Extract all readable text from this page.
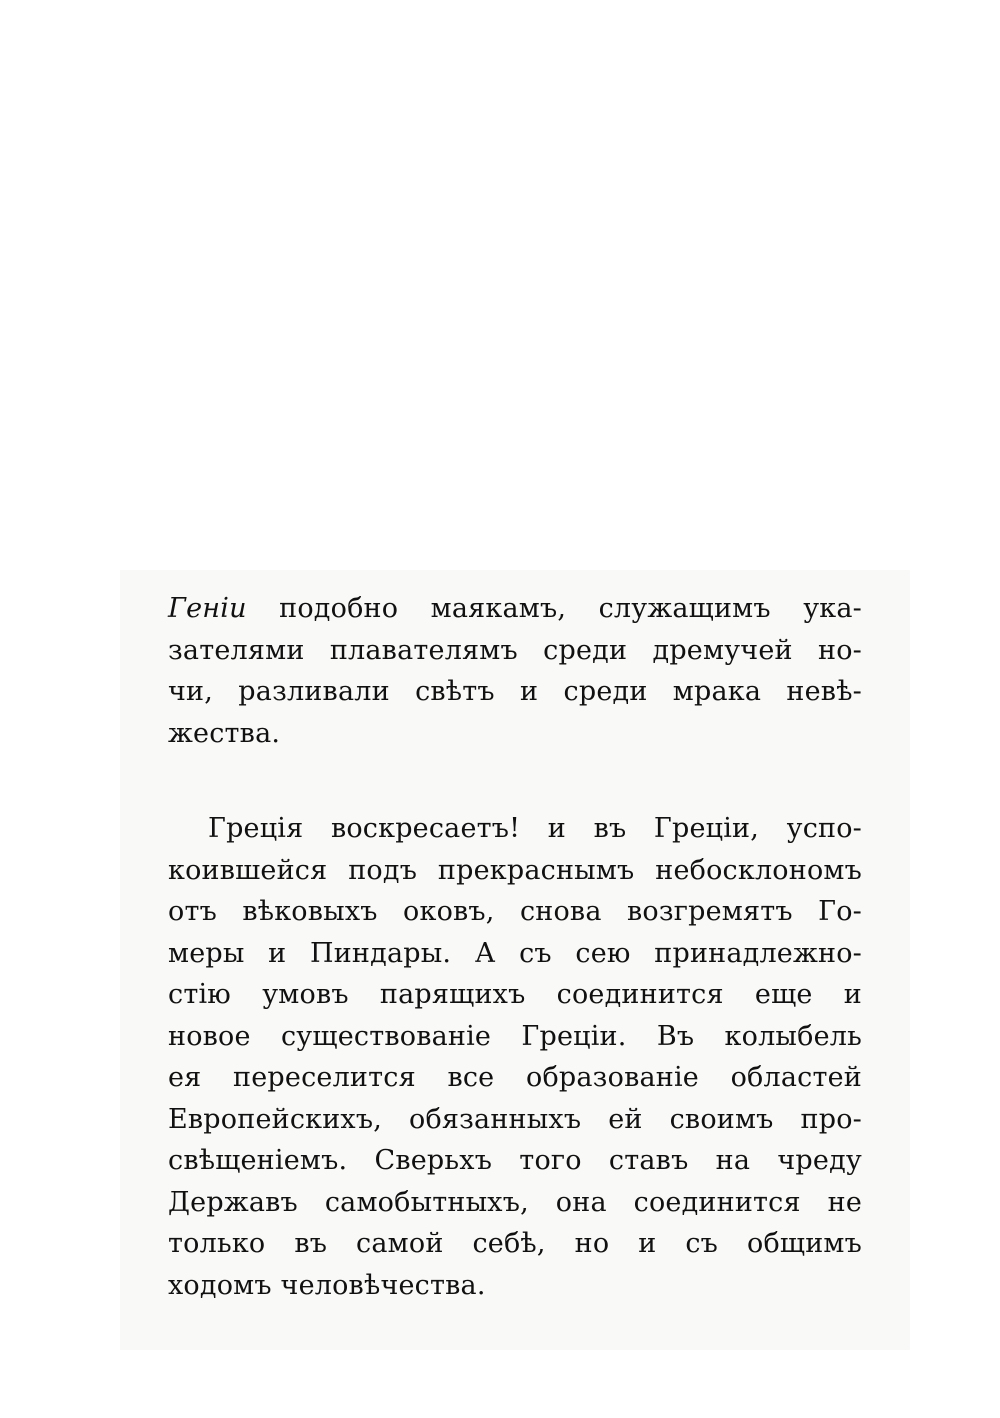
Генiи подобно маякамъ, служащимъ ука-
зателями плавателямъ среди дремучей но-
чи, разливали свѣтъ и среди мрака невѣ-
жества.
Грецiя воскресаетъ! и въ Грецiи, успо-
коившейся подъ прекраснымъ небосклономъ
отъ вѣковыхъ оковъ, снова возгремятъ Го-
меры и Пиндары. А съ сею принадлежно-
стiю умовъ парящихъ соединится еще и
новое существованiе Грецiи. Въ колыбель
ея переселится все образованiе областей
Европейскихъ, обязанныхъ ей своимъ про-
свѣщенiемъ. Сверьхъ того ставъ на чреду
Державъ самобытныхъ, она соединится не
только въ самой себѣ, но и съ общимъ
ходомъ человѣчества.
